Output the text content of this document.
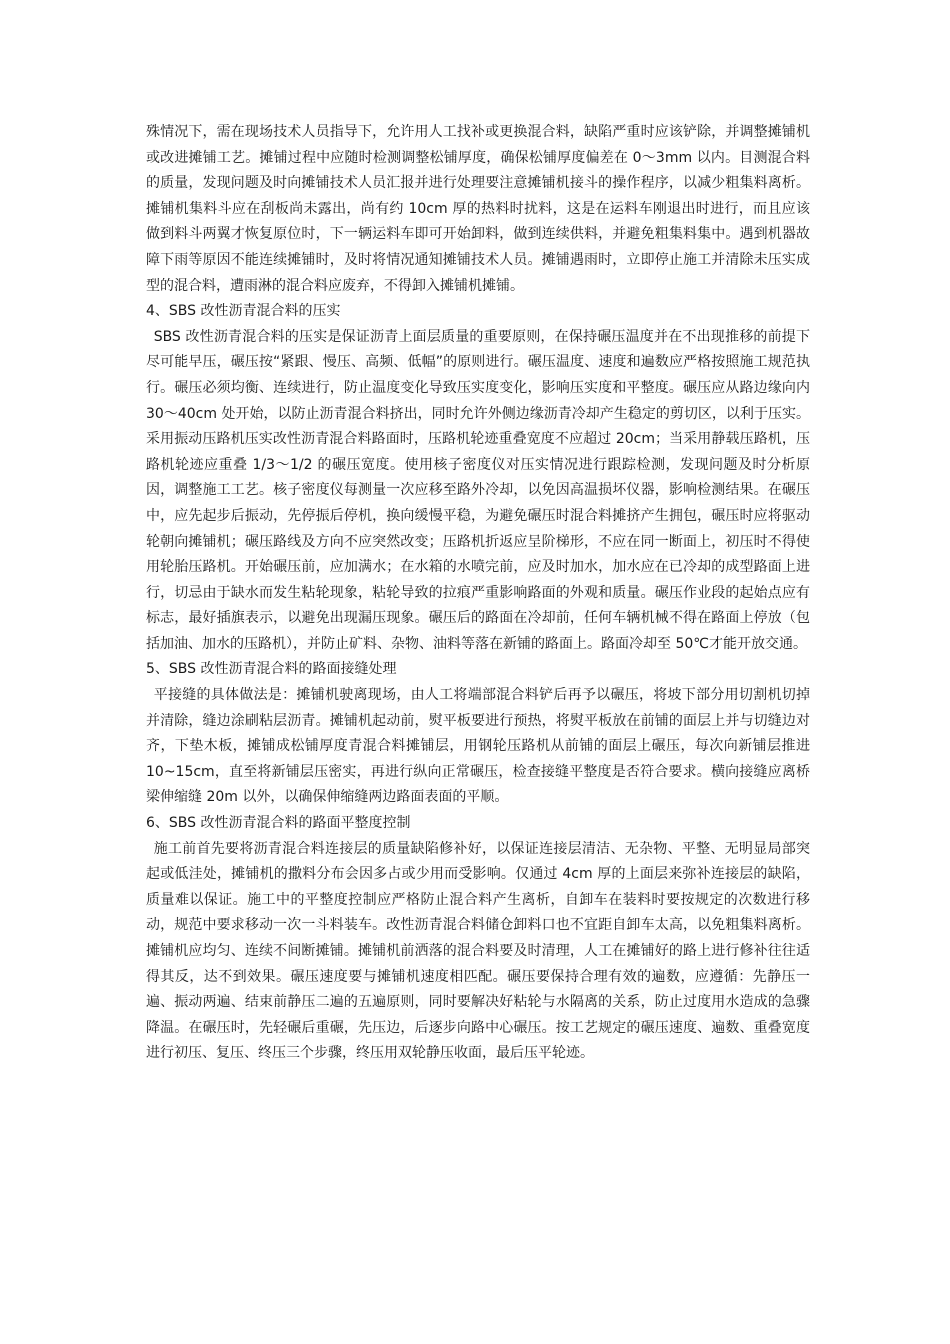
殊情况下，需在现场技术人员指导下，允许用人工找补或更换混合料，缺陷严重时应该铲除，并调整摊铺机或改进摊铺工艺。摊铺过程中应随时检测调整松铺厚度，确保松铺厚度偏差在 0～3mm 以内。目测混合料的质量，发现问题及时向摊铺技术人员汇报并进行处理要注意摊铺机接斗的操作程序，以减少粗集料离析。摊铺机集料斗应在刮板尚未露出，尚有约 10cm 厚的热料时扰料，这是在运料车刚退出时进行，而且应该做到料斗两翼才恢复原位时，下一辆运料车即可开始卸料，做到连续供料，并避免粗集料集中。遇到机器故障下雨等原因不能连续摊铺时，及时将情况通知摊铺技术人员。摊铺遇雨时，立即停止施工并清除未压实成型的混合料，遭雨淋的混合料应废弃，不得卸入摊铺机摊铺。

4、SBS 改性沥青混合料的压实

SBS 改性沥青混合料的压实是保证沥青上面层质量的重要原则，在保持碾压温度并在不出现推移的前提下尽可能早压，碾压按“紧跟、慢压、高频、低幅”的原则进行。碾压温度、速度和遍数应严格按照施工规范执行。碾压必须均衡、连续进行，防止温度变化导致压实度变化，影响压实度和平整度。碾压应从路边缘向内 30～40cm 处开始，以防止沥青混合料挤出，同时允许外侧边缘沥青冷却产生稳定的剪切区，以利于压实。采用振动压路机压实改性沥青混合料路面时，压路机轮迹重叠宽度不应超过 20cm；当采用静载压路机，压路机轮迹应重叠 1/3～1/2 的碾压宽度。使用核子密度仪对压实情况进行跟踪检测，发现问题及时分析原因，调整施工工艺。核子密度仪每测量一次应移至路外冷却，以免因高温损坏仪器，影响检测结果。在碾压中，应先起步后振动，先停振后停机，换向缓慢平稳，为避免碾压时混合料摊挤产生拥包，碾压时应将驱动轮朝向摊铺机；碾压路线及方向不应突然改变；压路机折返应呈阶梯形，不应在同一断面上，初压时不得使用轮胎压路机。开始碾压前，应加满水；在水箱的水喷完前，应及时加水，加水应在已冷却的成型路面上进行，切忌由于缺水而发生粘轮现象，粘轮导致的拉痕严重影响路面的外观和质量。碾压作业段的起始点应有标志，最好插旗表示，以避免出现漏压现象。碾压后的路面在冷却前，任何车辆机械不得在路面上停放（包括加油、加水的压路机），并防止矿料、杂物、油料等落在新铺的路面上。路面冷却至 50℃才能开放交通。

5、SBS 改性沥青混合料的路面接缝处理

平接缝的具体做法是：摊铺机驶离现场，由人工将端部混合料铲后再予以碾压，将坡下部分用切割机切掉并清除，缝边涂刷粘层沥青。摊铺机起动前，熨平板要进行预热，将熨平板放在前铺的面层上并与切缝边对齐，下垫木板，摊铺成松铺厚度青混合料摊铺层，用钢轮压路机从前铺的面层上碾压，每次向新铺层推进 10~15cm，直至将新铺层压密实，再进行纵向正常碾压，检查接缝平整度是否符合要求。横向接缝应离桥梁伸缩缝 20m 以外，以确保伸缩缝两边路面表面的平顺。

6、SBS 改性沥青混合料的路面平整度控制

施工前首先要将沥青混合料连接层的质量缺陷修补好，以保证连接层清洁、无杂物、平整、无明显局部突起或低洼处，摊铺机的撒料分布会因多占或少用而受影响。仅通过 4cm 厚的上面层来弥补连接层的缺陷，质量难以保证。施工中的平整度控制应严格防止混合料产生离析，自卸车在装料时要按规定的次数进行移动，规范中要求移动一次一斗料装车。改性沥青混合料储仓卸料口也不宜距自卸车太高，以免粗集料离析。摊铺机应均匀、连续不间断摊铺。摊铺机前洒落的混合料要及时清理，人工在摊铺好的路上进行修补往往适得其反，达不到效果。碾压速度要与摊铺机速度相匹配。碾压要保持合理有效的遍数，应遵循：先静压一遍、振动两遍、结束前静压二遍的五遍原则，同时要解决好粘轮与水隔离的关系，防止过度用水造成的急骤降温。在碾压时，先轻碾后重碾，先压边，后逐步向路中心碾压。按工艺规定的碾压速度、遍数、重叠宽度进行初压、复压、终压三个步骤，终压用双轮静压收面，最后压平轮迹。
